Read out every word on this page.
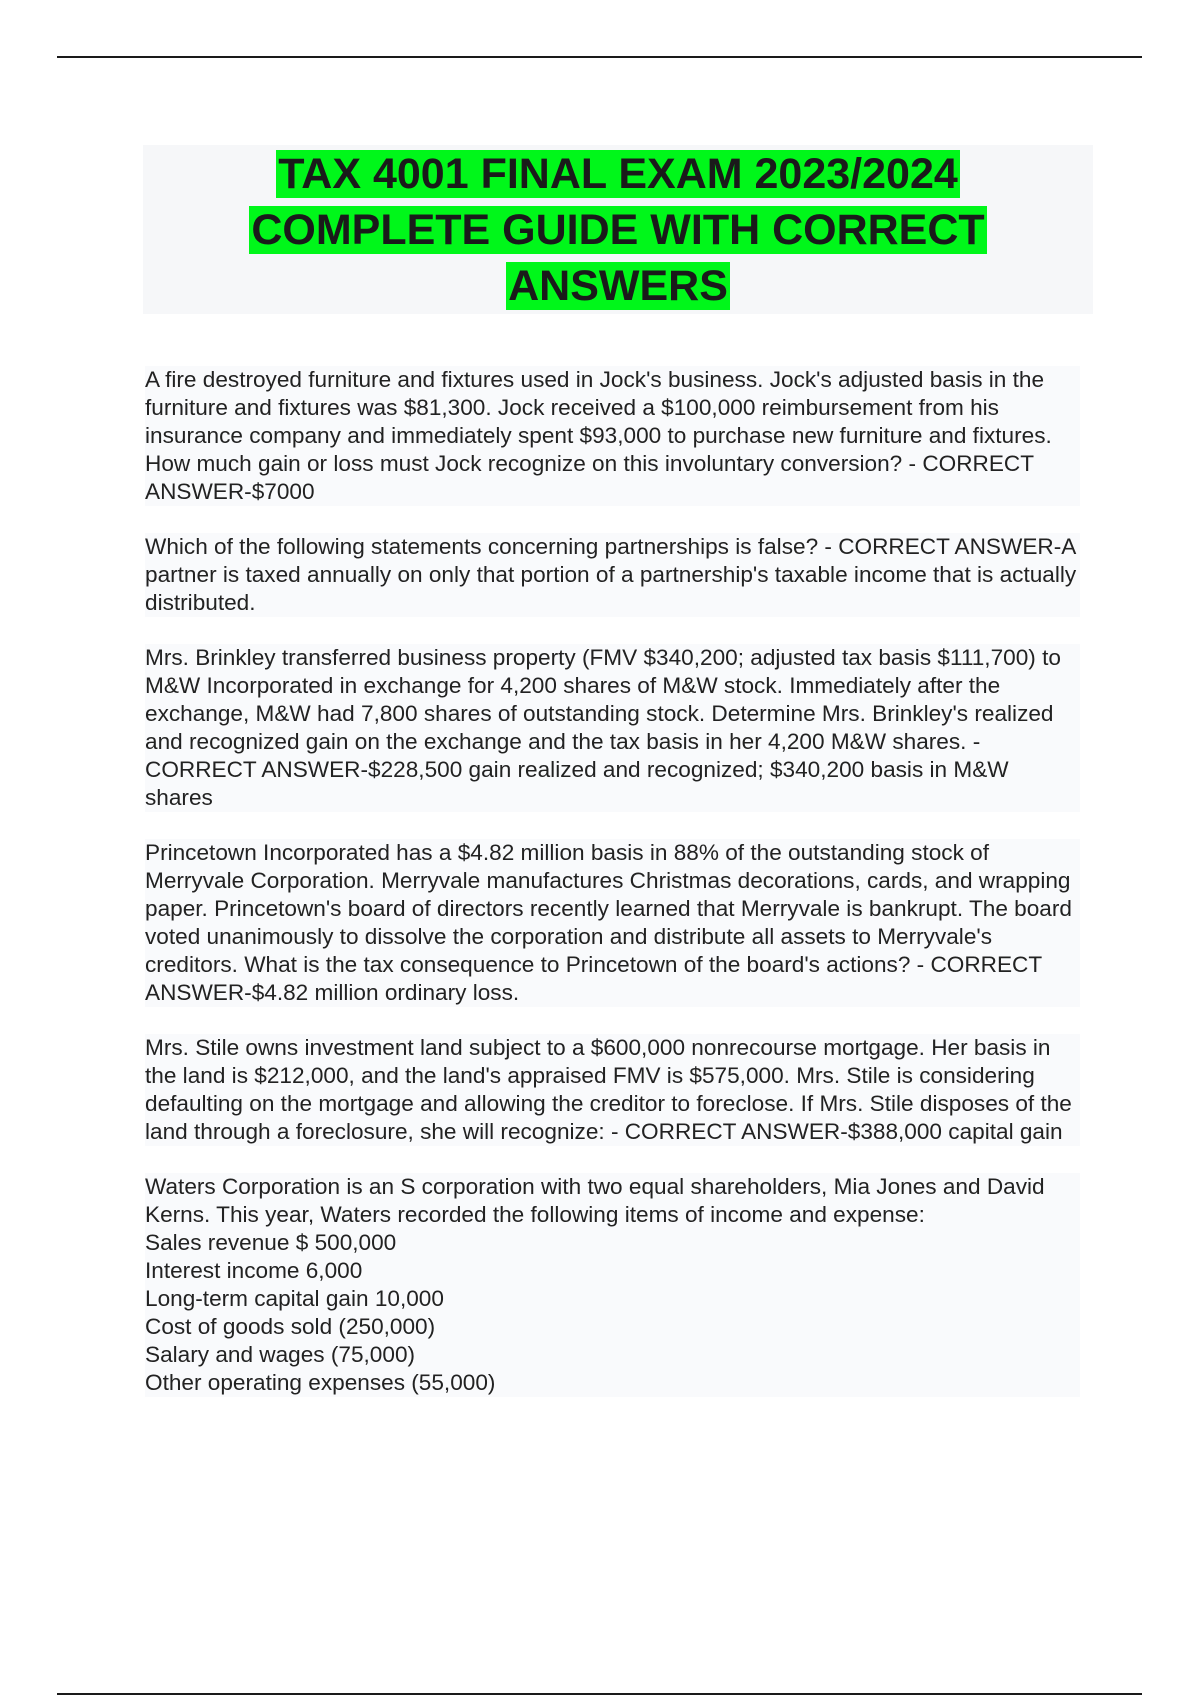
TAX 4001 FINAL EXAM 2023/2024 COMPLETE GUIDE WITH CORRECT ANSWERS

A fire destroyed furniture and fixtures used in Jock's business. Jock's adjusted basis in the furniture and fixtures was $81,300. Jock received a $100,000 reimbursement from his insurance company and immediately spent $93,000 to purchase new furniture and fixtures. How much gain or loss must Jock recognize on this involuntary conversion? - CORRECT ANSWER-$7000

Which of the following statements concerning partnerships is false? - CORRECT ANSWER-A partner is taxed annually on only that portion of a partnership's taxable income that is actually distributed.

Mrs. Brinkley transferred business property (FMV $340,200; adjusted tax basis $111,700) to M&W Incorporated in exchange for 4,200 shares of M&W stock. Immediately after the exchange, M&W had 7,800 shares of outstanding stock. Determine Mrs. Brinkley's realized and recognized gain on the exchange and the tax basis in her 4,200 M&W shares. - CORRECT ANSWER-$228,500 gain realized and recognized; $340,200 basis in M&W shares

Princetown Incorporated has a $4.82 million basis in 88% of the outstanding stock of Merryvale Corporation. Merryvale manufactures Christmas decorations, cards, and wrapping paper. Princetown's board of directors recently learned that Merryvale is bankrupt. The board voted unanimously to dissolve the corporation and distribute all assets to Merryvale's creditors. What is the tax consequence to Princetown of the board's actions? - CORRECT ANSWER-$4.82 million ordinary loss.

Mrs. Stile owns investment land subject to a $600,000 nonrecourse mortgage. Her basis in the land is $212,000, and the land's appraised FMV is $575,000. Mrs. Stile is considering defaulting on the mortgage and allowing the creditor to foreclose. If Mrs. Stile disposes of the land through a foreclosure, she will recognize: - CORRECT ANSWER-$388,000 capital gain

Waters Corporation is an S corporation with two equal shareholders, Mia Jones and David Kerns. This year, Waters recorded the following items of income and expense:

Sales revenue $ 500,000
Interest income 6,000
Long-term capital gain 10,000
Cost of goods sold (250,000)
Salary and wages (75,000)
Other operating expenses (55,000)
